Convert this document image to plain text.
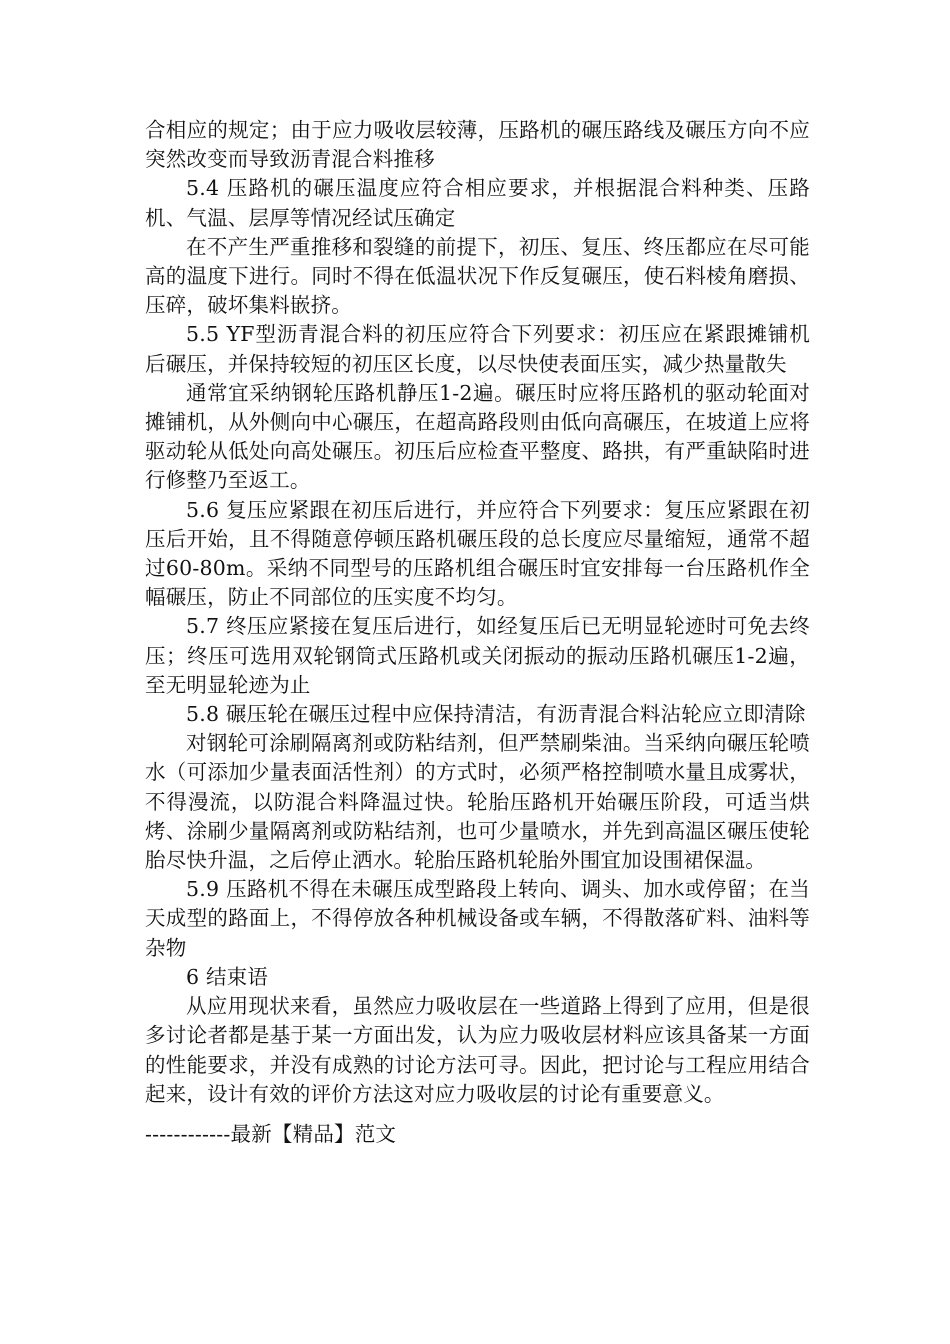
合相应的规定；由于应力吸收层较薄，压路机的碾压路线及碾压方向不应突然改变而导致沥青混合料推移

5.4 压路机的碾压温度应符合相应要求，并根据混合料种类、压路机、气温、层厚等情况经试压确定

在不产生严重推移和裂缝的前提下，初压、复压、终压都应在尽可能高的温度下进行。同时不得在低温状况下作反复碾压，使石料棱角磨损、压碎，破坏集料嵌挤。

5.5 YF型沥青混合料的初压应符合下列要求：初压应在紧跟摊铺机后碾压，并保持较短的初压区长度，以尽快使表面压实，减少热量散失

通常宜采纳钢轮压路机静压1-2遍。碾压时应将压路机的驱动轮面对摊铺机，从外侧向中心碾压，在超高路段则由低向高碾压，在坡道上应将驱动轮从低处向高处碾压。初压后应检查平整度、路拱，有严重缺陷时进行修整乃至返工。

5.6 复压应紧跟在初压后进行，并应符合下列要求：复压应紧跟在初压后开始，且不得随意停顿压路机碾压段的总长度应尽量缩短，通常不超过60-80m。采纳不同型号的压路机组合碾压时宜安排每一台压路机作全幅碾压，防止不同部位的压实度不均匀。

5.7 终压应紧接在复压后进行，如经复压后已无明显轮迹时可免去终压；终压可选用双轮钢筒式压路机或关闭振动的振动压路机碾压1-2遍，至无明显轮迹为止

5.8 碾压轮在碾压过程中应保持清洁，有沥青混合料沾轮应立即清除

对钢轮可涂刷隔离剂或防粘结剂，但严禁刷柴油。当采纳向碾压轮喷水（可添加少量表面活性剂）的方式时，必须严格控制喷水量且成雾状，不得漫流，以防混合料降温过快。轮胎压路机开始碾压阶段，可适当烘烤、涂刷少量隔离剂或防粘结剂，也可少量喷水，并先到高温区碾压使轮胎尽快升温，之后停止洒水。轮胎压路机轮胎外围宜加设围裙保温。

5.9 压路机不得在未碾压成型路段上转向、调头、加水或停留；在当天成型的路面上，不得停放各种机械设备或车辆，不得散落矿料、油料等杂物

6 结束语

从应用现状来看，虽然应力吸收层在一些道路上得到了应用，但是很多讨论者都是基于某一方面出发，认为应力吸收层材料应该具备某一方面的性能要求，并没有成熟的讨论方法可寻。因此，把讨论与工程应用结合起来，设计有效的评价方法这对应力吸收层的讨论有重要意义。

------------最新【精品】范文
